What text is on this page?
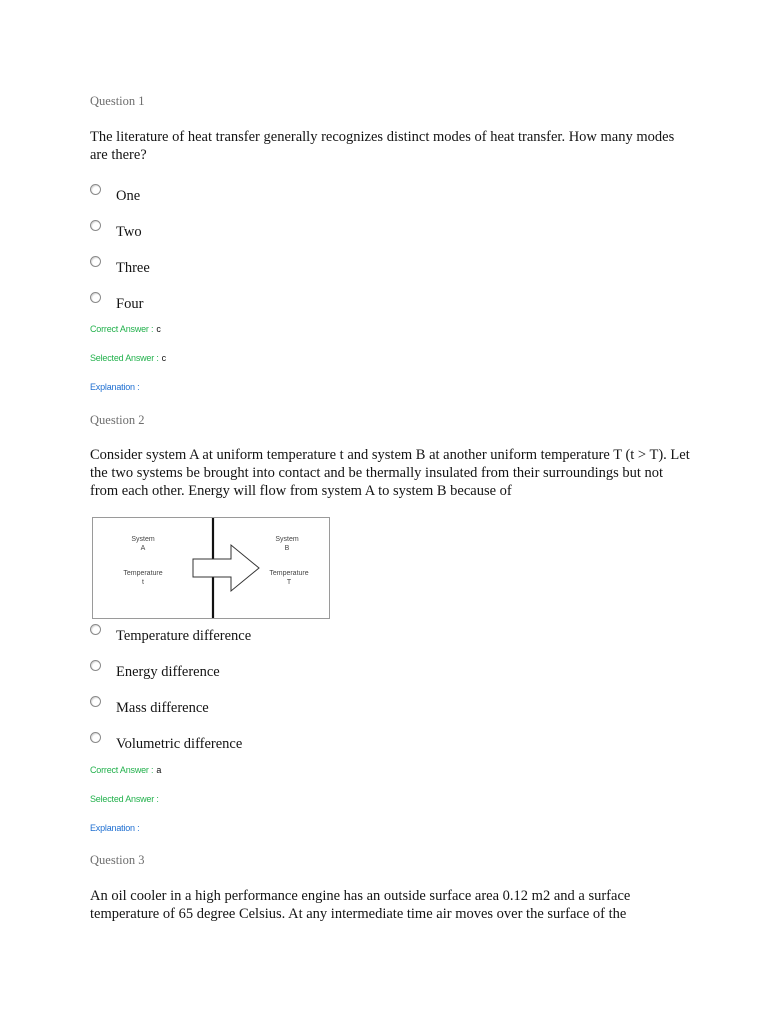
Question 1
The literature of heat transfer generally recognizes distinct modes of heat transfer. How many modes are there?
One
Two
Three
Four
Correct Answer : c
Selected Answer : c
Explanation :
Question 2
Consider system A at uniform temperature t and system B at another uniform temperature T (t > T). Let the two systems be brought into contact and be thermally insulated from their surroundings but not from each other. Energy will flow from system A to system B because of
System
A
Temperature
t
System
B
Temperature
T
Temperature difference
Energy difference
Mass difference
Volumetric difference
Correct Answer : a
Selected Answer :
Explanation :
Question 3
An oil cooler in a high performance engine has an outside surface area 0.12 m2 and a surface temperature of 65 degree Celsius. At any intermediate time air moves over the surface of the
